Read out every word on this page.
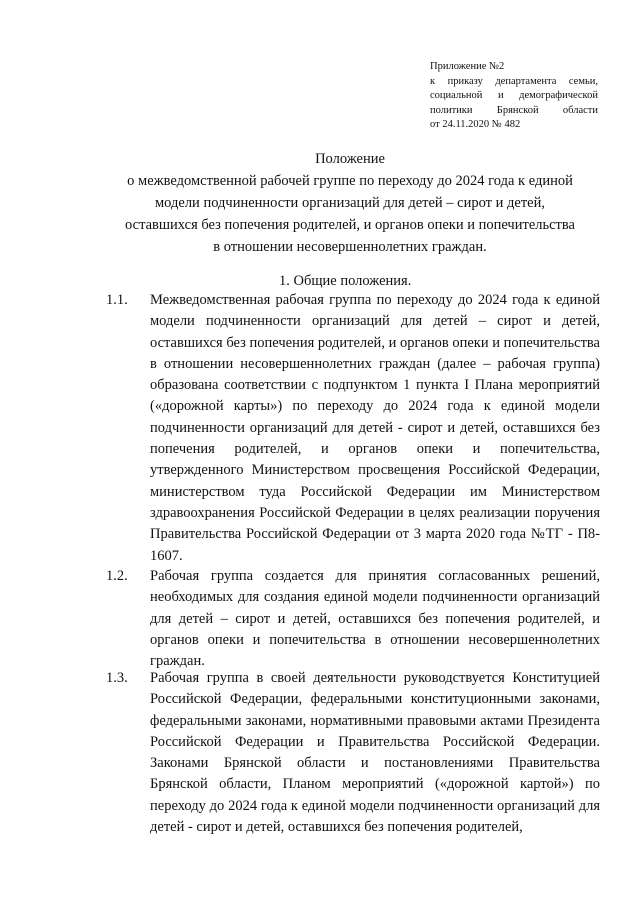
Приложение №2
к приказу департамента семьи,
социальной и демографической
политики Брянской области
от 24.11.2020 № 482
Положение
о межведомственной рабочей группе по переходу до 2024 года к единой
модели подчиненности организаций для детей – сирот и детей,
оставшихся без попечения родителей, и органов опеки и попечительства
в отношении несовершеннолетних граждан.
1. Общие положения.
1.1. Межведомственная рабочая группа по переходу до 2024 года к единой модели подчиненности организаций для детей – сирот и детей, оставшихся без попечения родителей, и органов опеки и попечительства в отношении несовершеннолетних граждан (далее – рабочая группа) образована соответствии с подпунктом 1 пункта I Плана мероприятий («дорожной карты») по переходу до 2024 года к единой модели подчиненности организаций для детей - сирот и детей, оставшихся без попечения родителей, и органов опеки и попечительства, утвержденного Министерством просвещения Российской Федерации, министерством туда Российской Федерации им Министерством здравоохранения Российской Федерации в целях реализации поручения Правительства Российской Федерации от 3 марта 2020 года №ТГ - П8-1607.
1.2. Рабочая группа создается для принятия согласованных решений, необходимых для создания единой модели подчиненности организаций для детей – сирот и детей, оставшихся без попечения родителей, и органов опеки и попечительства в отношении несовершеннолетних граждан.
1.3. Рабочая группа в своей деятельности руководствуется Конституцией Российской Федерации, федеральными конституционными законами, федеральными законами, нормативными правовыми актами Президента Российской Федерации и Правительства Российской Федерации. Законами Брянской области и постановлениями Правительства Брянской области, Планом мероприятий («дорожной картой») по переходу до 2024 года к единой модели подчиненности организаций для детей - сирот и детей, оставшихся без попечения родителей,
